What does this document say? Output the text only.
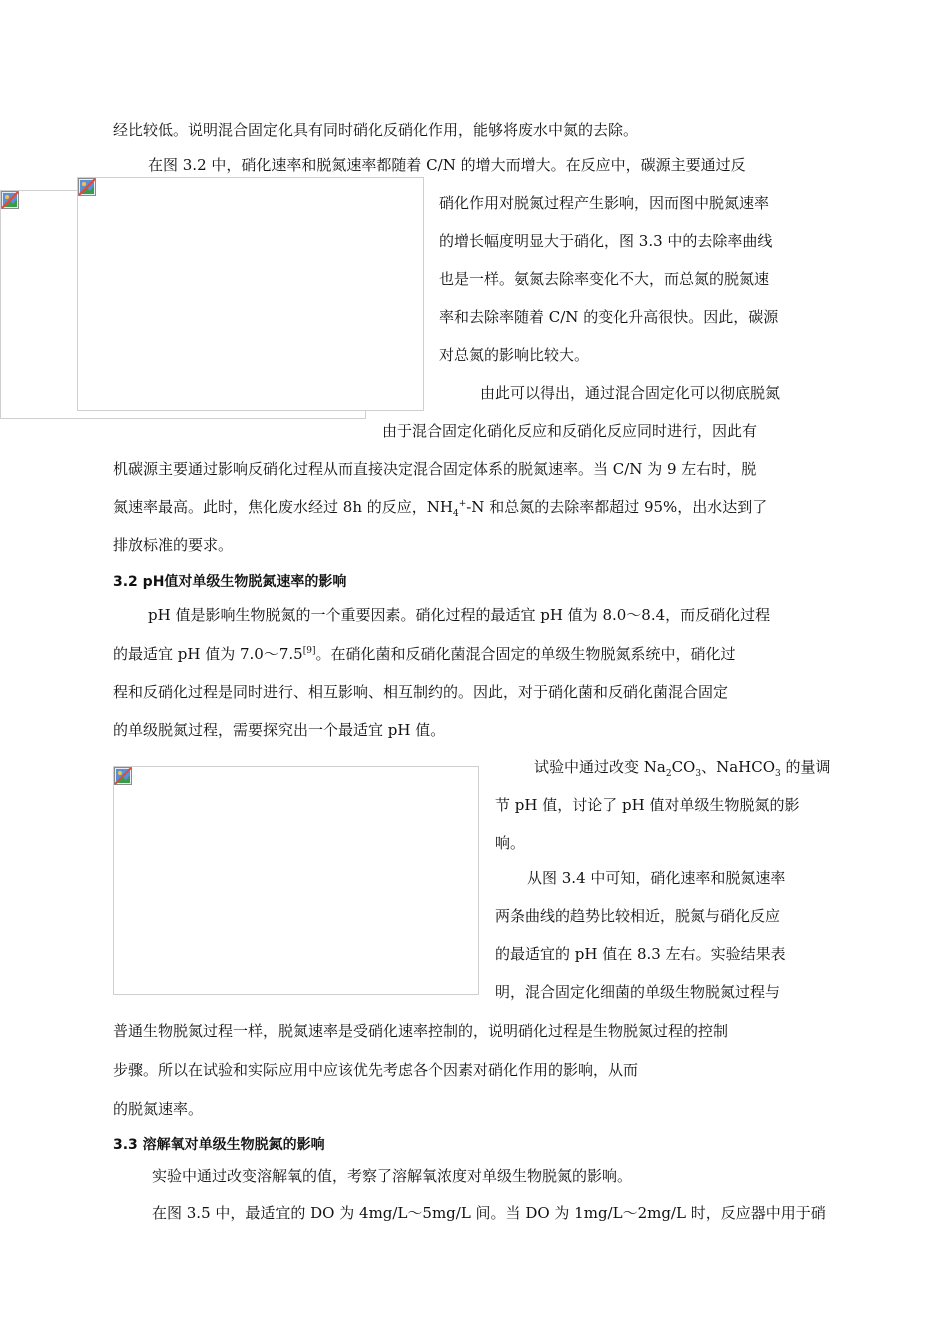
经比较低。说明混合固定化具有同时硝化反硝化作用，能够将废水中氮的去除。
在图 3.2 中，硝化速率和脱氮速率都随着 C/N 的增大而增大。在反应中，碳源主要通过反
硝化作用对脱氮过程产生影响，因而图中脱氮速率
的增长幅度明显大于硝化，图 3.3 中的去除率曲线
也是一样。氨氮去除率变化不大，而总氮的脱氮速
率和去除率随着 C/N 的变化升高很快。因此，碳源
对总氮的影响比较大。
由此可以得出，通过混合固定化可以彻底脱氮
由于混合固定化硝化反应和反硝化反应同时进行，因此有
机碳源主要通过影响反硝化过程从而直接决定混合固定体系的脱氮速率。当 C/N 为 9 左右时，脱
氮速率最高。此时，焦化废水经过 8h 的反应，$NH_4^+-N$ 和总氮的去除率都超过 95%，出水达到了
排放标准的要求。
3.2 pH值对单级生物脱氮速率的影响
pH 值是影响生物脱氮的一个重要因素。硝化过程的最适宜 pH 值为 8.0～8.4，而反硝化过程
的最适宜 pH 值为 7.0～7.5[9]。在硝化菌和反硝化菌混合固定的单级生物脱氮系统中，硝化过
程和反硝化过程是同时进行、相互影响、相互制约的。因此，对于硝化菌和反硝化菌混合固定
的单级脱氮过程，需要探究出一个最适宜 pH 值。
试验中通过改变 $Na_2CO_3$、NaHCO$_3$ 的量调
节 pH 值，讨论了 pH 值对单级生物脱氮的影
响。
从图 3.4 中可知，硝化速率和脱氮速率
两条曲线的趋势比较相近，脱氮与硝化反应
的最适宜的 pH 值在 8.3 左右。实验结果表
明，混合固定化细菌的单级生物脱氮过程与
普通生物脱氮过程一样，脱氮速率是受硝化速率控制的，说明硝化过程是生物脱氮过程的控制
步骤。所以在试验和实际应用中应该优先考虑各个因素对硝化作用的影响，从而
的脱氮速率。
3.3 溶解氧对单级生物脱氮的影响
实验中通过改变溶解氧的值，考察了溶解氧浓度对单级生物脱氮的影响。
在图 3.5 中，最适宜的 DO 为 4mg/L～5mg/L 间。当 DO 为 1mg/L～2mg/L 时，反应器中用于硝
